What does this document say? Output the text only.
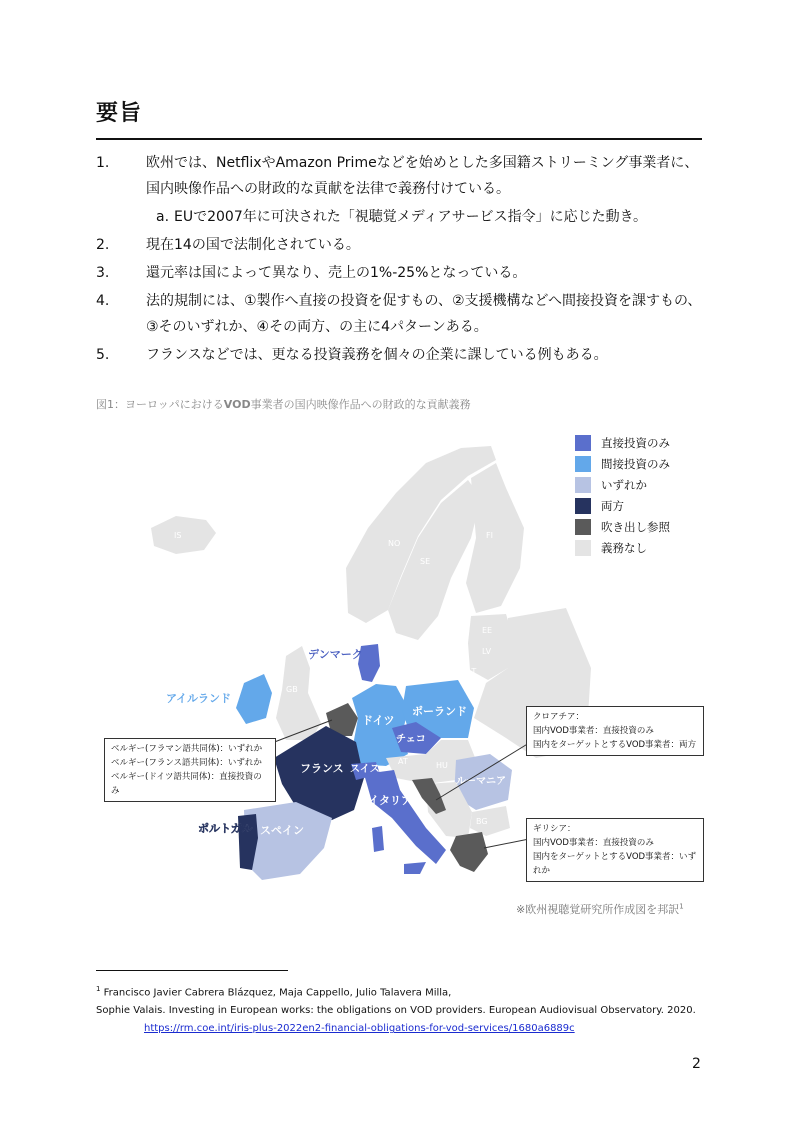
要旨
1.	欧州では、NetflixやAmazon Primeなどを始めとした多国籍ストリーミング事業者に、国内映像作品への財政的な貢献を法律で義務付けている。
a. EUで2007年に可決された「視聴覚メディアサービス指令」に応じた動き。
2.	現在14の国で法制化されている。
3.	還元率は国によって異なり、売上の1%-25%となっている。
4.	法的規制には、①製作へ直接の投資を促すもの、②支援機構などへ間接投資を課すもの、③そのいずれか、④その両方、の主に4パターンある。
5.	フランスなどでは、更なる投資義務を個々の企業に課している例もある。
図1：ヨーロッパにおけるVOD事業者の国内映像作品への財政的な貢献義務
アイルランド
デンマーク
ドイツ
ポーランド
チェコ
フランス スイス
イタリア
ルーマニア
スペイン
ポルトガル
IS
NO
SE
FI
EE
LV
LT
GB
HU
BG
AT
直接投資のみ
間接投資のみ
いずれか
両方
吹き出し参照
義務なし
ベルギー(フラマン語共同体)：いずれか
ベルギー(フランス語共同体)：いずれか
ベルギー(ドイツ語共同体)：直接投資のみ
クロアチア：
国内VOD事業者：直接投資のみ
国内をターゲットとするVOD事業者：両方
ギリシア：
国内VOD事業者：直接投資のみ
国内をターゲットとするVOD事業者：いずれか
※欧州視聴覚研究所作成図を邦訳$^1$
$^1$ Francisco Javier Cabrera Blázquez, Maja Cappello, Julio Talavera Milla,
Sophie Valais. Investing in European works: the obligations on VOD providers. European Audiovisual Observatory. 2020.
https://rm.coe.int/iris-plus-2022en2-financial-obligations-for-vod-services/1680a6889c
2
